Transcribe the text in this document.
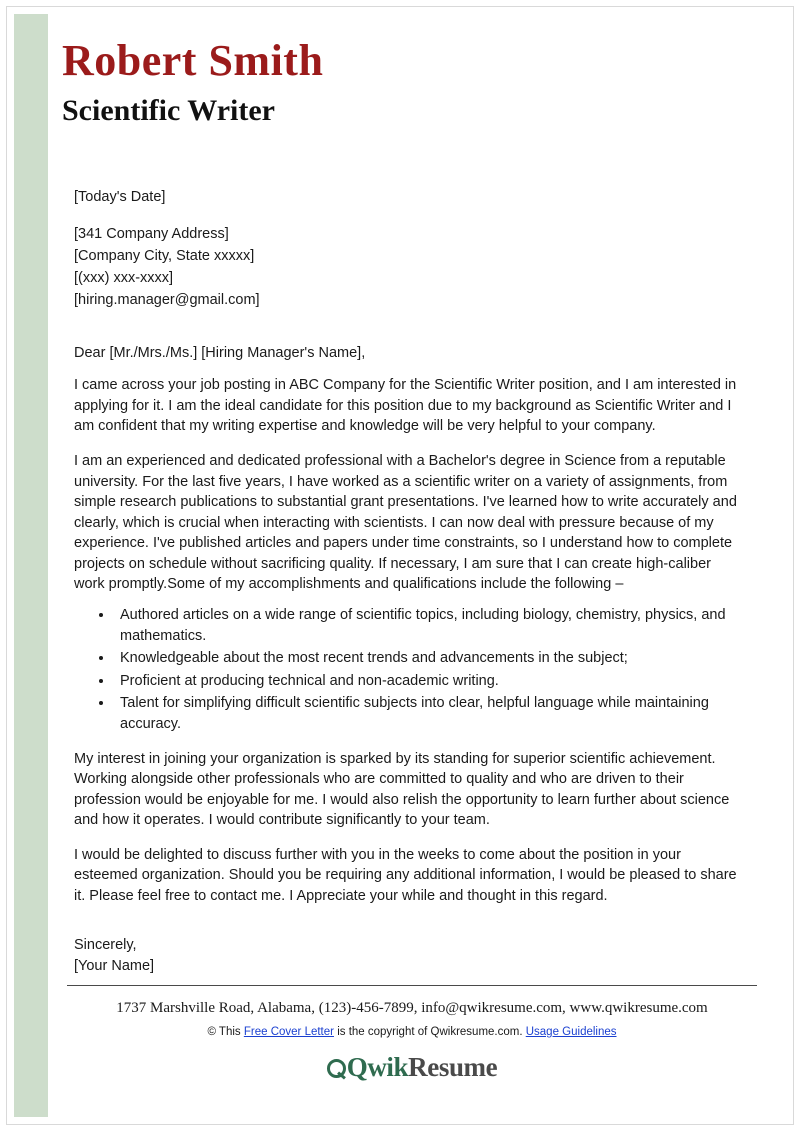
Robert Smith
Scientific Writer
[Today's Date]
[341 Company Address]
[Company City, State xxxxx]
[(xxx) xxx-xxxx]
[hiring.manager@gmail.com]
Dear [Mr./Mrs./Ms.] [Hiring Manager's Name],

I came across your job posting in ABC Company for the Scientific Writer position, and I am interested in applying for it. I am the ideal candidate for this position due to my background as Scientific Writer and I am confident that my writing expertise and knowledge will be very helpful to your company.

I am an experienced and dedicated professional with a Bachelor's degree in Science from a reputable university. For the last five years, I have worked as a scientific writer on a variety of assignments, from simple research publications to substantial grant presentations. I've learned how to write accurately and clearly, which is crucial when interacting with scientists. I can now deal with pressure because of my experience. I've published articles and papers under time constraints, so I understand how to complete projects on schedule without sacrificing quality. If necessary, I am sure that I can create high-caliber work promptly.Some of my accomplishments and qualifications include the following –

• Authored articles on a wide range of scientific topics, including biology, chemistry, physics, and mathematics.
• Knowledgeable about the most recent trends and advancements in the subject;
• Proficient at producing technical and non-academic writing.
• Talent for simplifying difficult scientific subjects into clear, helpful language while maintaining accuracy.

My interest in joining your organization is sparked by its standing for superior scientific achievement. Working alongside other professionals who are committed to quality and who are driven to their profession would be enjoyable for me. I would also relish the opportunity to learn further about science and how it operates. I would contribute significantly to your team.

I would be delighted to discuss further with you in the weeks to come about the position in your esteemed organization. Should you be requiring any additional information, I would be pleased to share it. Please feel free to contact me. I Appreciate your while and thought in this regard.

Sincerely,
[Your Name]
1737 Marshville Road, Alabama, (123)-456-7899, info@qwikresume.com, www.qwikresume.com
© This Free Cover Letter is the copyright of Qwikresume.com. Usage Guidelines
QwikResume
